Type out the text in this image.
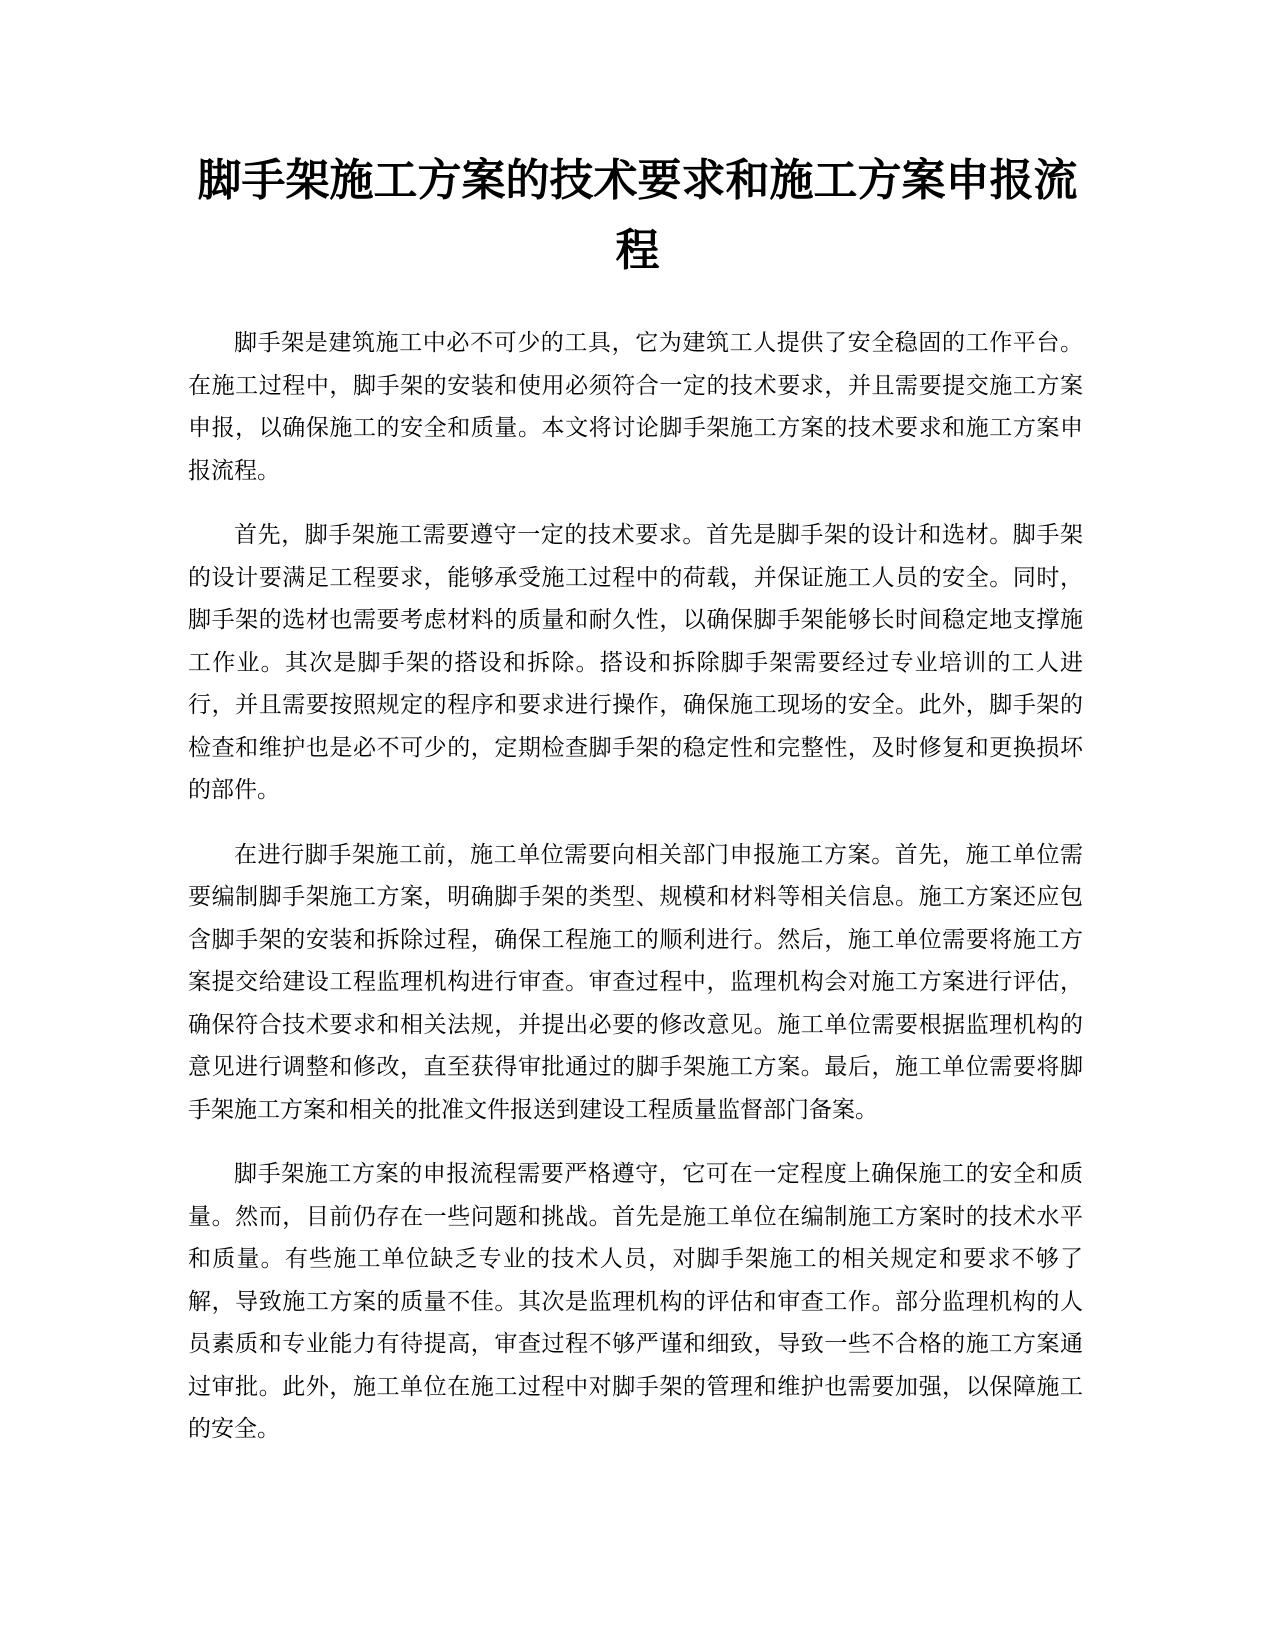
脚手架施工方案的技术要求和施工方案申报流程

脚手架是建筑施工中必不可少的工具，它为建筑工人提供了安全稳固的工作平台。在施工过程中，脚手架的安装和使用必须符合一定的技术要求，并且需要提交施工方案申报，以确保施工的安全和质量。本文将讨论脚手架施工方案的技术要求和施工方案申报流程。

首先，脚手架施工需要遵守一定的技术要求。首先是脚手架的设计和选材。脚手架的设计要满足工程要求，能够承受施工过程中的荷载，并保证施工人员的安全。同时，脚手架的选材也需要考虑材料的质量和耐久性，以确保脚手架能够长时间稳定地支撑施工作业。其次是脚手架的搭设和拆除。搭设和拆除脚手架需要经过专业培训的工人进行，并且需要按照规定的程序和要求进行操作，确保施工现场的安全。此外，脚手架的检查和维护也是必不可少的，定期检查脚手架的稳定性和完整性，及时修复和更换损坏的部件。

在进行脚手架施工前，施工单位需要向相关部门申报施工方案。首先，施工单位需要编制脚手架施工方案，明确脚手架的类型、规模和材料等相关信息。施工方案还应包含脚手架的安装和拆除过程，确保工程施工的顺利进行。然后，施工单位需要将施工方案提交给建设工程监理机构进行审查。审查过程中，监理机构会对施工方案进行评估，确保符合技术要求和相关法规，并提出必要的修改意见。施工单位需要根据监理机构的意见进行调整和修改，直至获得审批通过的脚手架施工方案。最后，施工单位需要将脚手架施工方案和相关的批准文件报送到建设工程质量监督部门备案。

脚手架施工方案的申报流程需要严格遵守，它可在一定程度上确保施工的安全和质量。然而，目前仍存在一些问题和挑战。首先是施工单位在编制施工方案时的技术水平和质量。有些施工单位缺乏专业的技术人员，对脚手架施工的相关规定和要求不够了解，导致施工方案的质量不佳。其次是监理机构的评估和审查工作。部分监理机构的人员素质和专业能力有待提高，审查过程不够严谨和细致，导致一些不合格的施工方案通过审批。此外，施工单位在施工过程中对脚手架的管理和维护也需要加强，以保障施工的安全。
